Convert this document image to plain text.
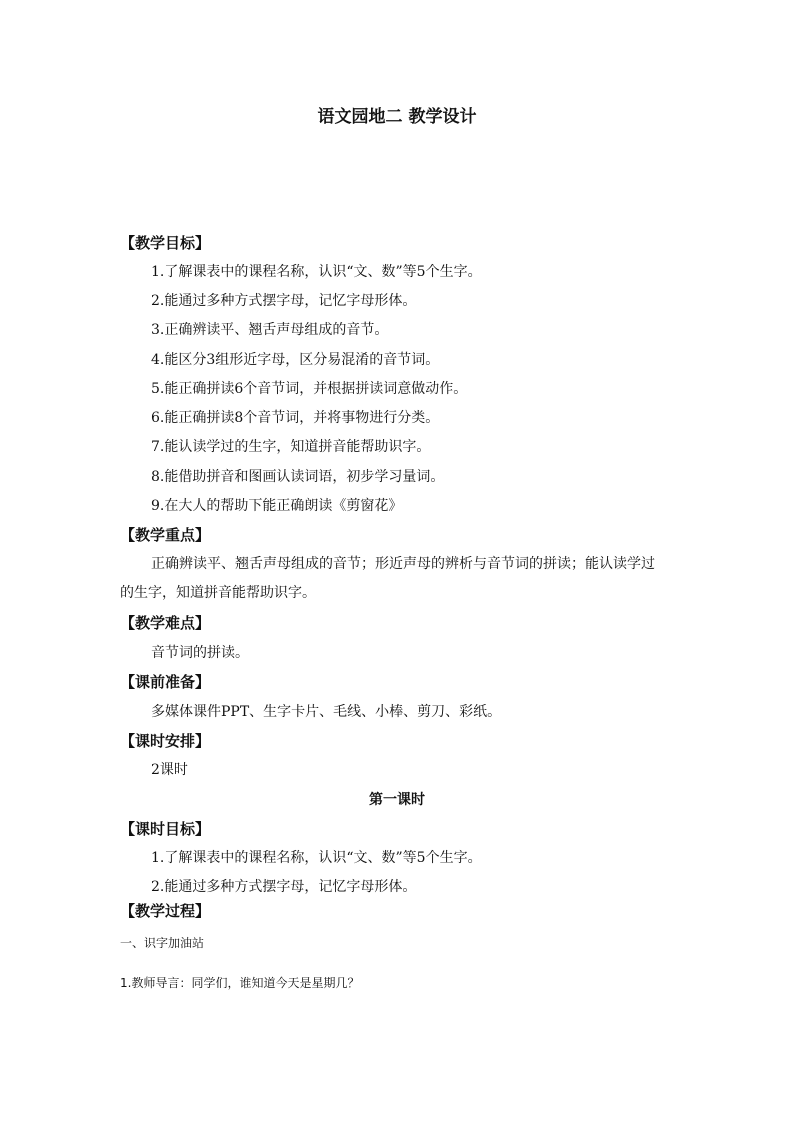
语文园地二 教学设计
【教学目标】
1.了解课表中的课程名称，认识“文、数”等5个生字。
2.能通过多种方式摆字母，记忆字母形体。
3.正确辨读平、翘舌声母组成的音节。
4.能区分3组形近字母，区分易混淆的音节词。
5.能正确拼读6个音节词，并根据拼读词意做动作。
6.能正确拼读8个音节词，并将事物进行分类。
7.能认读学过的生字，知道拼音能帮助识字。
8.能借助拼音和图画认读词语，初步学习量词。
9.在大人的帮助下能正确朗读《剪窗花》
【教学重点】
正确辨读平、翘舌声母组成的音节；形近声母的辨析与音节词的拼读；能认读学过的生字，知道拼音能帮助识字。
【教学难点】
音节词的拼读。
【课前准备】
多媒体课件PPT、生字卡片、毛线、小棒、剪刀、彩纸。
【课时安排】
2课时
第一课时
【课时目标】
1.了解课表中的课程名称，认识“文、数”等5个生字。
2.能通过多种方式摆字母，记忆字母形体。
【教学过程】
一、识字加油站
1.教师导言：同学们，谁知道今天是星期几？
